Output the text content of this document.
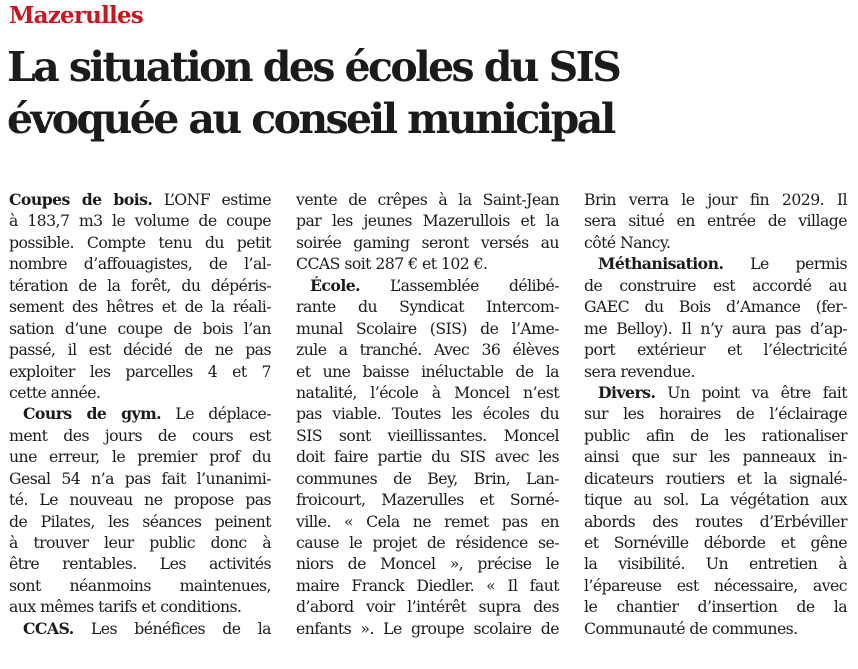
Mazerulles
La situation des écoles du SIS
évoquée au conseil municipal
Coupes de bois. L’ONF estime
à 183,7 m3 le volume de coupe
possible. Compte tenu du petit
nombre d’affouagistes, de l’al-
tération de la forêt, du dépéris-
sement des hêtres et de la réali-
sation d’une coupe de bois l’an
passé, il est décidé de ne pas
exploiter les parcelles 4 et 7
cette année.
Cours de gym. Le déplace-
ment des jours de cours est
une erreur, le premier prof du
Gesal 54 n’a pas fait l’unanimi-
té. Le nouveau ne propose pas
de Pilates, les séances peinent
à trouver leur public donc à
être rentables. Les activités
sont néanmoins maintenues,
aux mêmes tarifs et conditions.
CCAS. Les bénéfices de la
vente de crêpes à la Saint-Jean
par les jeunes Mazerullois et la
soirée gaming seront versés au
CCAS soit 287 € et 102 €.
École. L’assemblée délibé-
rante du Syndicat Intercom-
munal Scolaire (SIS) de l’Ame-
zule a tranché. Avec 36 élèves
et une baisse inéluctable de la
natalité, l’école à Moncel n’est
pas viable. Toutes les écoles du
SIS sont vieillissantes. Moncel
doit faire partie du SIS avec les
communes de Bey, Brin, Lan-
froicourt, Mazerulles et Sorné-
ville. « Cela ne remet pas en
cause le projet de résidence se-
niors de Moncel », précise le
maire Franck Diedler. « Il faut
d’abord voir l’intérêt supra des
enfants ». Le groupe scolaire de
Brin verra le jour fin 2029. Il
sera situé en entrée de village
côté Nancy.
Méthanisation. Le permis
de construire est accordé au
GAEC du Bois d’Amance (fer-
me Belloy). Il n’y aura pas d’ap-
port extérieur et l’électricité
sera revendue.
Divers. Un point va être fait
sur les horaires de l’éclairage
public afin de les rationaliser
ainsi que sur les panneaux in-
dicateurs routiers et la signalé-
tique au sol. La végétation aux
abords des routes d’Erbéviller
et Sornéville déborde et gêne
la visibilité. Un entretien à
l’épareuse est nécessaire, avec
le chantier d’insertion de la
Communauté de communes.
